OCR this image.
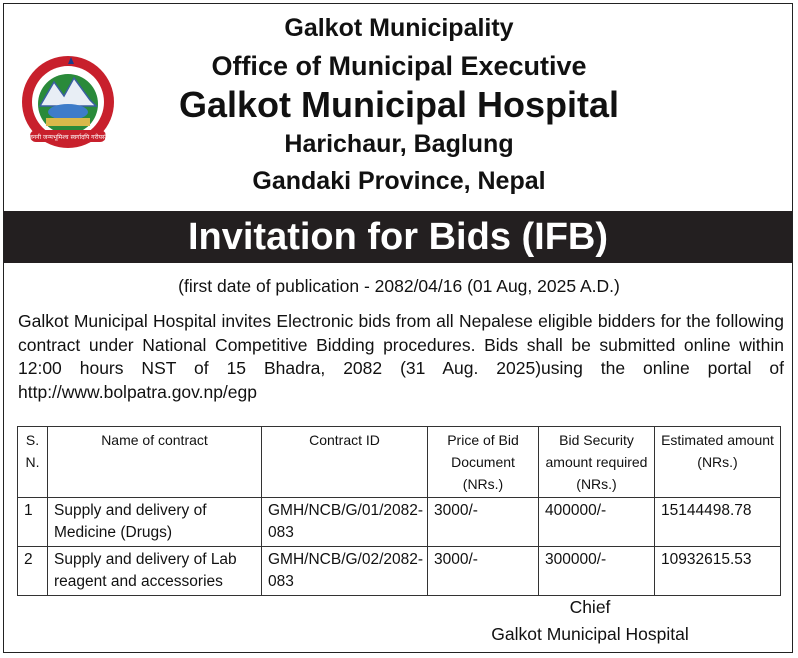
जननी जन्मभूमिश्च स्वर्गादपि गरीयसी
Galkot Municipality
Office of Municipal Executive
Galkot Municipal Hospital
Harichaur, Baglung
Gandaki Province, Nepal
Invitation for Bids (IFB)
(first date of publication - 2082/04/16 (01 Aug, 2025 A.D.)
Galkot Municipal Hospital invites Electronic bids from all Nepalese eligible bidders for the following contract under National Competitive Bidding procedures. Bids shall be submitted online within 12:00 hours NST of 15 Bhadra, 2082 (31 Aug. 2025)using the online portal of http://www.bolpatra.gov.np/egp
S. N.	Name of contract	Contract ID	Price of Bid Document (NRs.)	Bid Security amount required (NRs.)	Estimated amount (NRs.)
1	Supply and delivery of Medicine (Drugs)	GMH/NCB/G/01/2082-083	3000/-	400000/-	15144498.78
2	Supply and delivery of Lab reagent and accessories	GMH/NCB/G/02/2082-083	3000/-	300000/-	10932615.53
Chief
Galkot Municipal Hospital
